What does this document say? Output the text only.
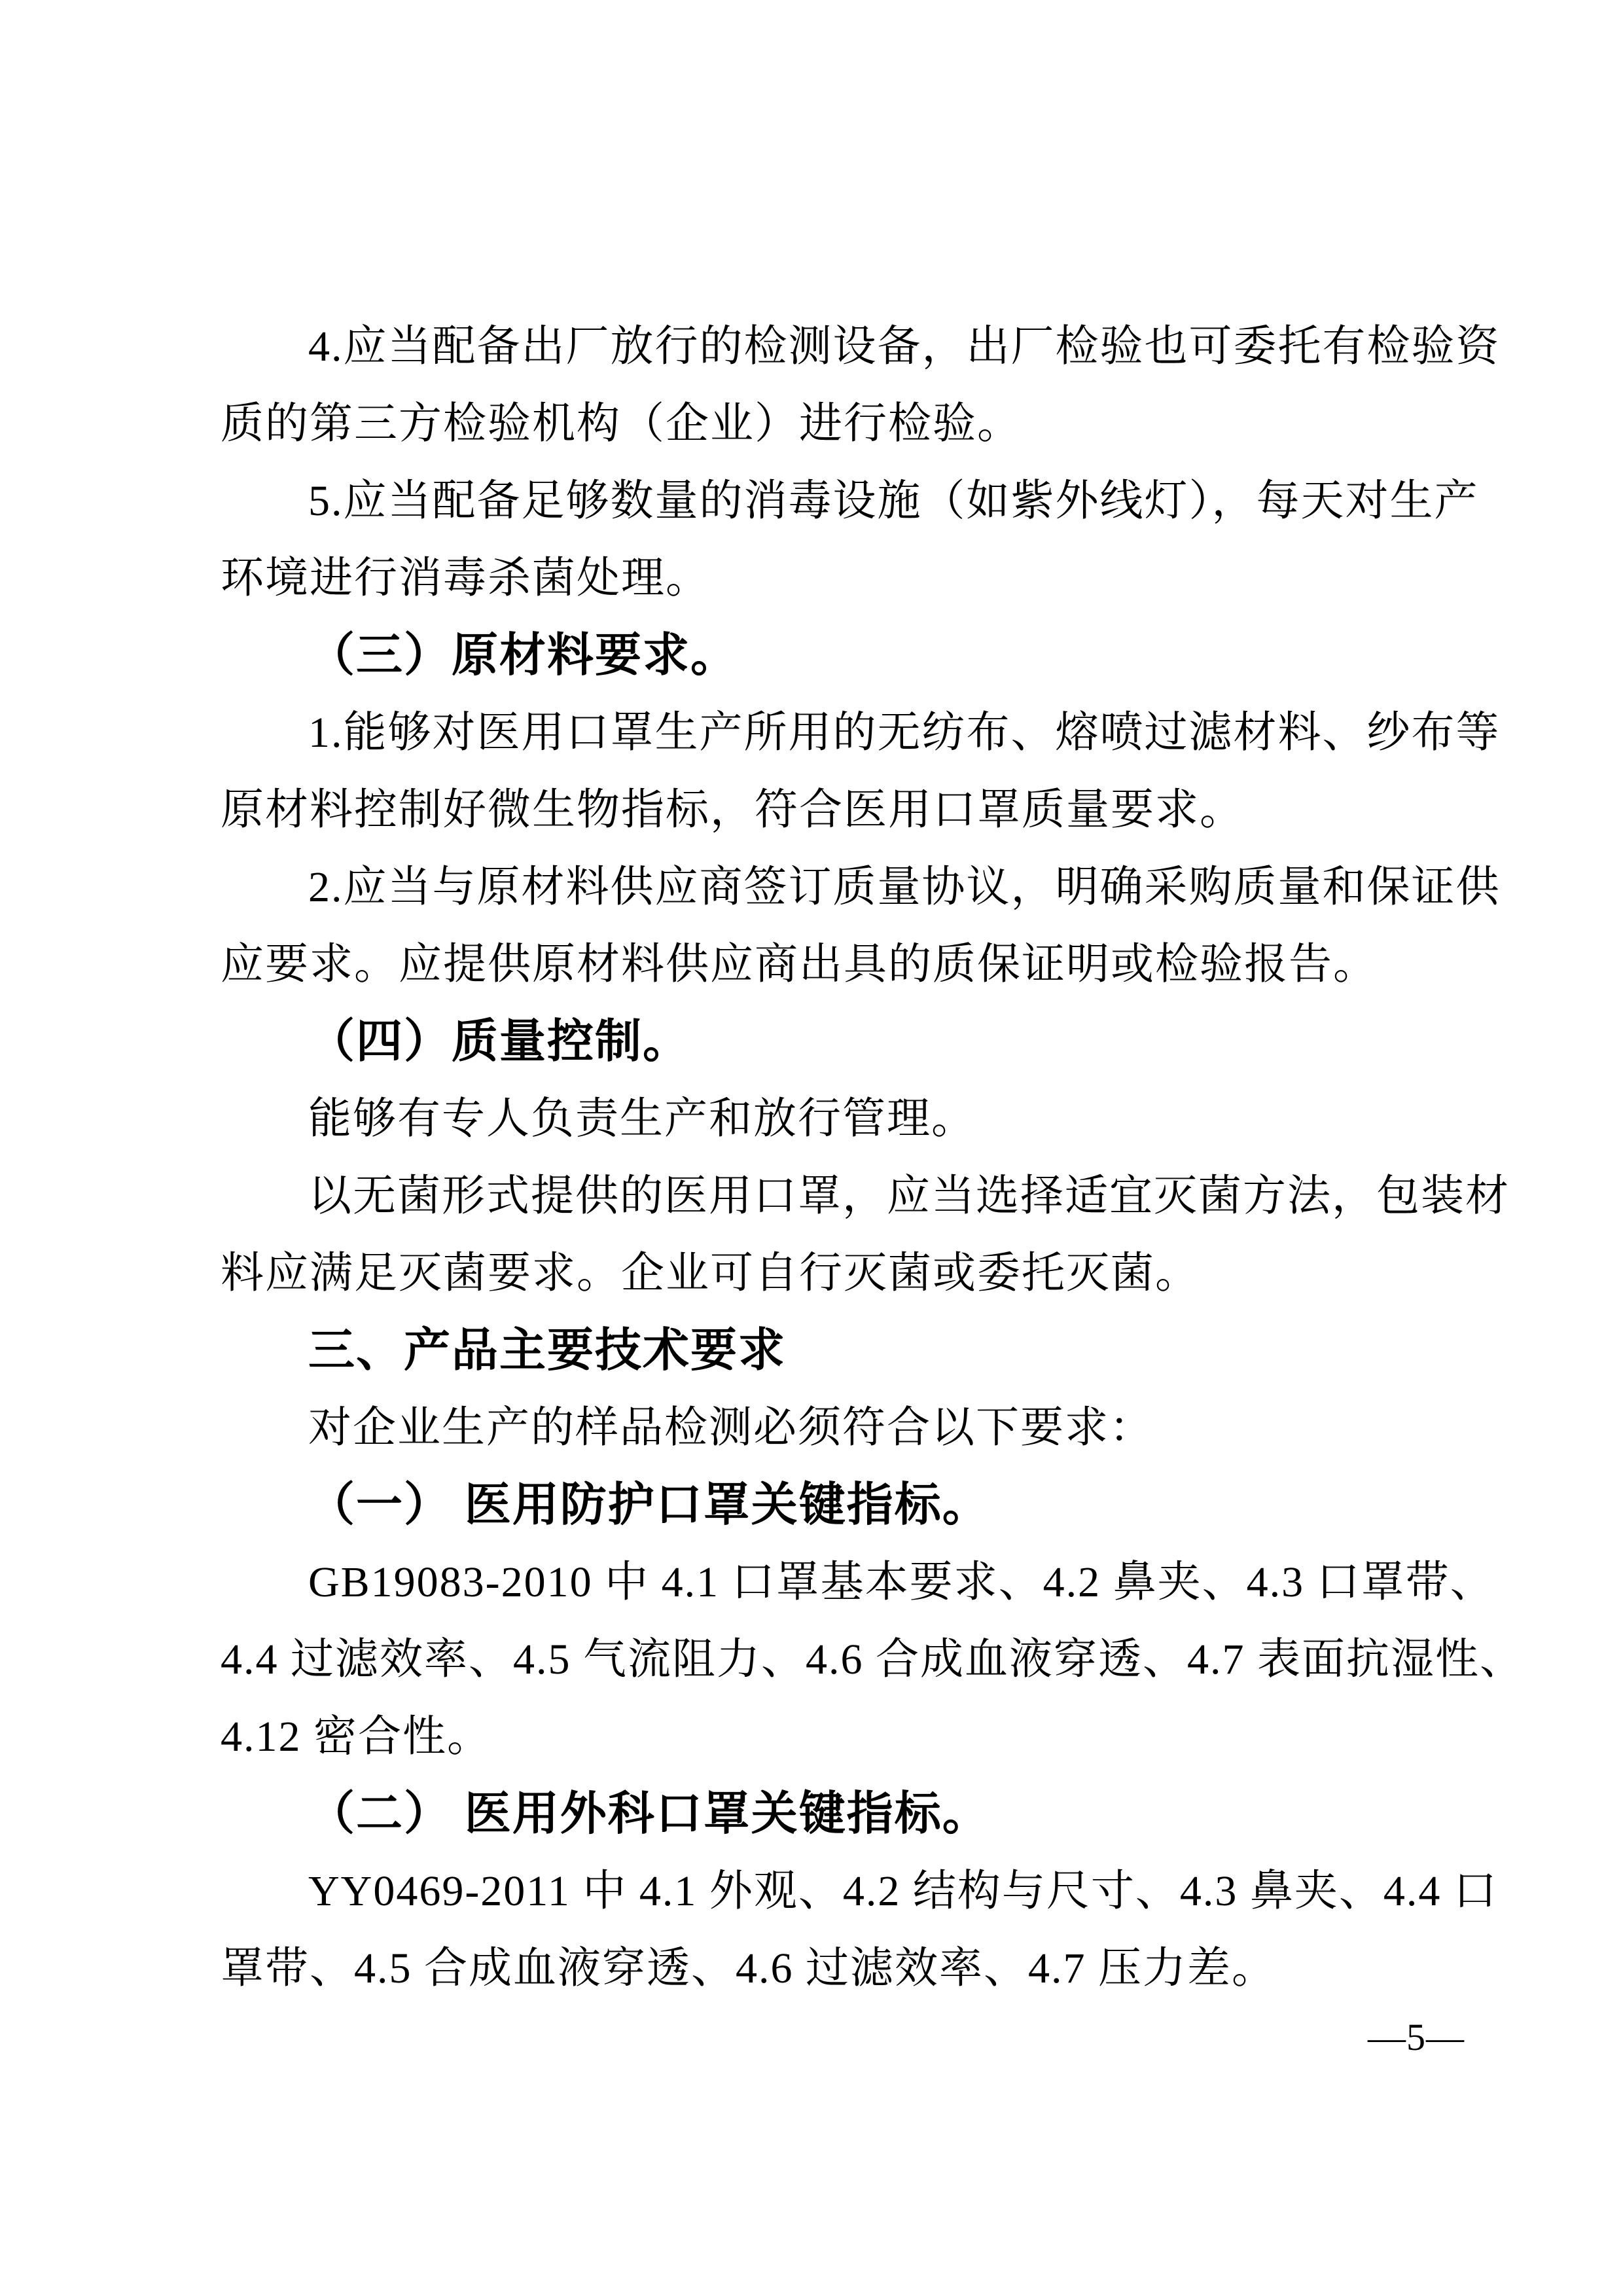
4.应当配备出厂放行的检测设备，出厂检验也可委托有检验资
质的第三方检验机构（企业）进行检验。
5.应当配备足够数量的消毒设施（如紫外线灯），每天对生产
环境进行消毒杀菌处理。
（三）原材料要求。
1.能够对医用口罩生产所用的无纺布、熔喷过滤材料、纱布等
原材料控制好微生物指标，符合医用口罩质量要求。
2.应当与原材料供应商签订质量协议，明确采购质量和保证供
应要求。应提供原材料供应商出具的质保证明或检验报告。
（四）质量控制。
能够有专人负责生产和放行管理。
以无菌形式提供的医用口罩，应当选择适宜灭菌方法，包装材
料应满足灭菌要求。企业可自行灭菌或委托灭菌。
三、产品主要技术要求
对企业生产的样品检测必须符合以下要求：
（一） 医用防护口罩关键指标。
GB19083-2010 中 4.1 口罩基本要求、4.2 鼻夹、4.3 口罩带、
4.4 过滤效率、4.5 气流阻力、4.6 合成血液穿透、4.7 表面抗湿性、
4.12 密合性。
（二） 医用外科口罩关键指标。
YY0469-2011 中 4.1 外观、4.2 结构与尺寸、4.3 鼻夹、4.4 口
罩带、4.5 合成血液穿透、4.6 过滤效率、4.7 压力差。
—5—
